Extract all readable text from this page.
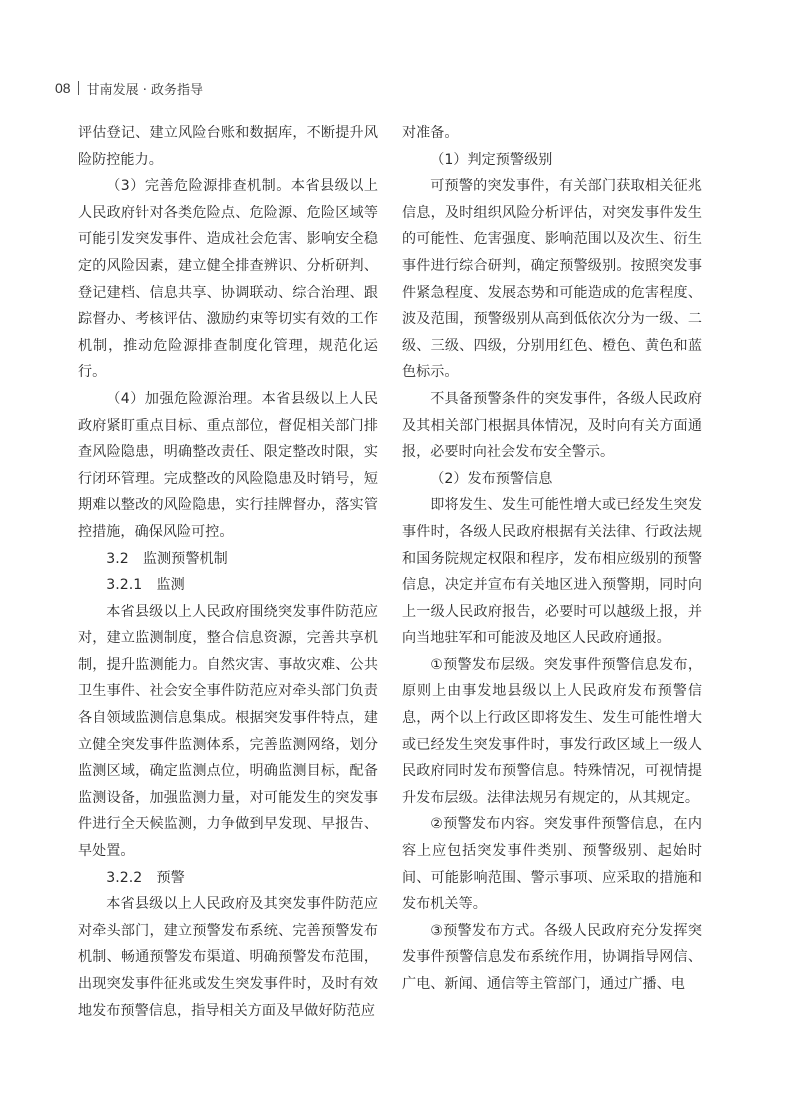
08 甘南发展 · 政务指导

评估登记、建立风险台账和数据库，不断提升风险防控能力。

（3）完善危险源排查机制。本省县级以上人民政府针对各类危险点、危险源、危险区域等可能引发突发事件、造成社会危害、影响安全稳定的风险因素，建立健全排查辨识、分析研判、登记建档、信息共享、协调联动、综合治理、跟踪督办、考核评估、激励约束等切实有效的工作机制，推动危险源排查制度化管理，规范化运行。

（4）加强危险源治理。本省县级以上人民政府紧盯重点目标、重点部位，督促相关部门排查风险隐患，明确整改责任、限定整改时限，实行闭环管理。完成整改的风险隐患及时销号，短期难以整改的风险隐患，实行挂牌督办，落实管控措施，确保风险可控。

3.2　监测预警机制

3.2.1　监测

本省县级以上人民政府围绕突发事件防范应对，建立监测制度，整合信息资源，完善共享机制，提升监测能力。自然灾害、事故灾难、公共卫生事件、社会安全事件防范应对牵头部门负责各自领域监测信息集成。根据突发事件特点，建立健全突发事件监测体系，完善监测网络，划分监测区域，确定监测点位，明确监测目标，配备监测设备，加强监测力量，对可能发生的突发事件进行全天候监测，力争做到早发现、早报告、早处置。

3.2.2　预警

本省县级以上人民政府及其突发事件防范应对牵头部门，建立预警发布系统、完善预警发布机制、畅通预警发布渠道、明确预警发布范围，出现突发事件征兆或发生突发事件时，及时有效地发布预警信息，指导相关方面及早做好防范应

对准备。

（1）判定预警级别

可预警的突发事件，有关部门获取相关征兆信息，及时组织风险分析评估，对突发事件发生的可能性、危害强度、影响范围以及次生、衍生事件进行综合研判，确定预警级别。按照突发事件紧急程度、发展态势和可能造成的危害程度、波及范围，预警级别从高到低依次分为一级、二级、三级、四级，分别用红色、橙色、黄色和蓝色标示。

不具备预警条件的突发事件，各级人民政府及其相关部门根据具体情况，及时向有关方面通报，必要时向社会发布安全警示。

（2）发布预警信息

即将发生、发生可能性增大或已经发生突发事件时，各级人民政府根据有关法律、行政法规和国务院规定权限和程序，发布相应级别的预警信息，决定并宣布有关地区进入预警期，同时向上一级人民政府报告，必要时可以越级上报，并向当地驻军和可能波及地区人民政府通报。

①预警发布层级。突发事件预警信息发布，原则上由事发地县级以上人民政府发布预警信息，两个以上行政区即将发生、发生可能性增大或已经发生突发事件时，事发行政区域上一级人民政府同时发布预警信息。特殊情况，可视情提升发布层级。法律法规另有规定的，从其规定。

②预警发布内容。突发事件预警信息，在内容上应包括突发事件类别、预警级别、起始时间、可能影响范围、警示事项、应采取的措施和发布机关等。

③预警发布方式。各级人民政府充分发挥突发事件预警信息发布系统作用，协调指导网信、广电、新闻、通信等主管部门，通过广播、电
